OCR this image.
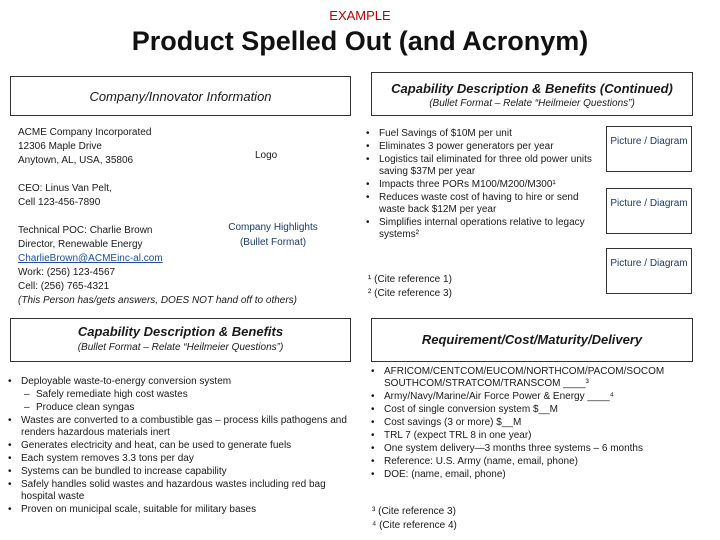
EXAMPLE
Product Spelled Out (and Acronym)
Company/Innovator Information
ACME Company Incorporated
12306 Maple Drive
Anytown, AL, USA, 35806
CEO: Linus Van Pelt,
Cell 123-456-7890
Technical POC: Charlie Brown
Director, Renewable Energy
CharlieBrown@ACMEinc-al.com
Work: (256) 123-4567
Cell: (256) 765-4321
(This Person has/gets answers, DOES NOT hand off to others)
Logo
Company Highlights
(Bullet Format)
Capability Description & Benefits (Continued)
(Bullet Format – Relate “Heilmeier Questions”)
• Fuel Savings of $10M per unit
• Eliminates 3 power generators per year
• Logistics tail eliminated for three old power units saving $37M per year
• Impacts three PORs M100/M200/M300¹
• Reduces waste cost of having to hire or send waste back $12M per year
• Simplifies internal operations relative to legacy systems²
Picture / Diagram
Picture / Diagram
Picture / Diagram
¹ (Cite reference 1)
² (Cite reference 3)
Capability Description & Benefits
(Bullet Format – Relate “Heilmeier Questions”)
• Deployable waste-to-energy conversion system
– Safely remediate high cost wastes
– Produce clean syngas
• Wastes are converted to a combustible gas – process kills pathogens and renders hazardous materials inert
• Generates electricity and heat, can be used to generate fuels
• Each system removes 3.3 tons per day
• Systems can be bundled to increase capability
• Safely handles solid wastes and hazardous wastes including red bag hospital waste
• Proven on municipal scale, suitable for military bases
Requirement/Cost/Maturity/Delivery
• AFRICOM/CENTCOM/EUCOM/NORTHCOM/PACOM/SOCOM SOUTHCOM/STRATCOM/TRANSCOM ____³
• Army/Navy/Marine/Air Force Power & Energy ____⁴
• Cost of single conversion system $__M
• Cost savings (3 or more) $__M
• TRL 7 (expect TRL 8 in one year)
• One system delivery—3 months three systems – 6 months
• Reference: U.S. Army (name, email, phone)
• DOE: (name, email, phone)
³ (Cite reference 3)
⁴ (Cite reference 4)
